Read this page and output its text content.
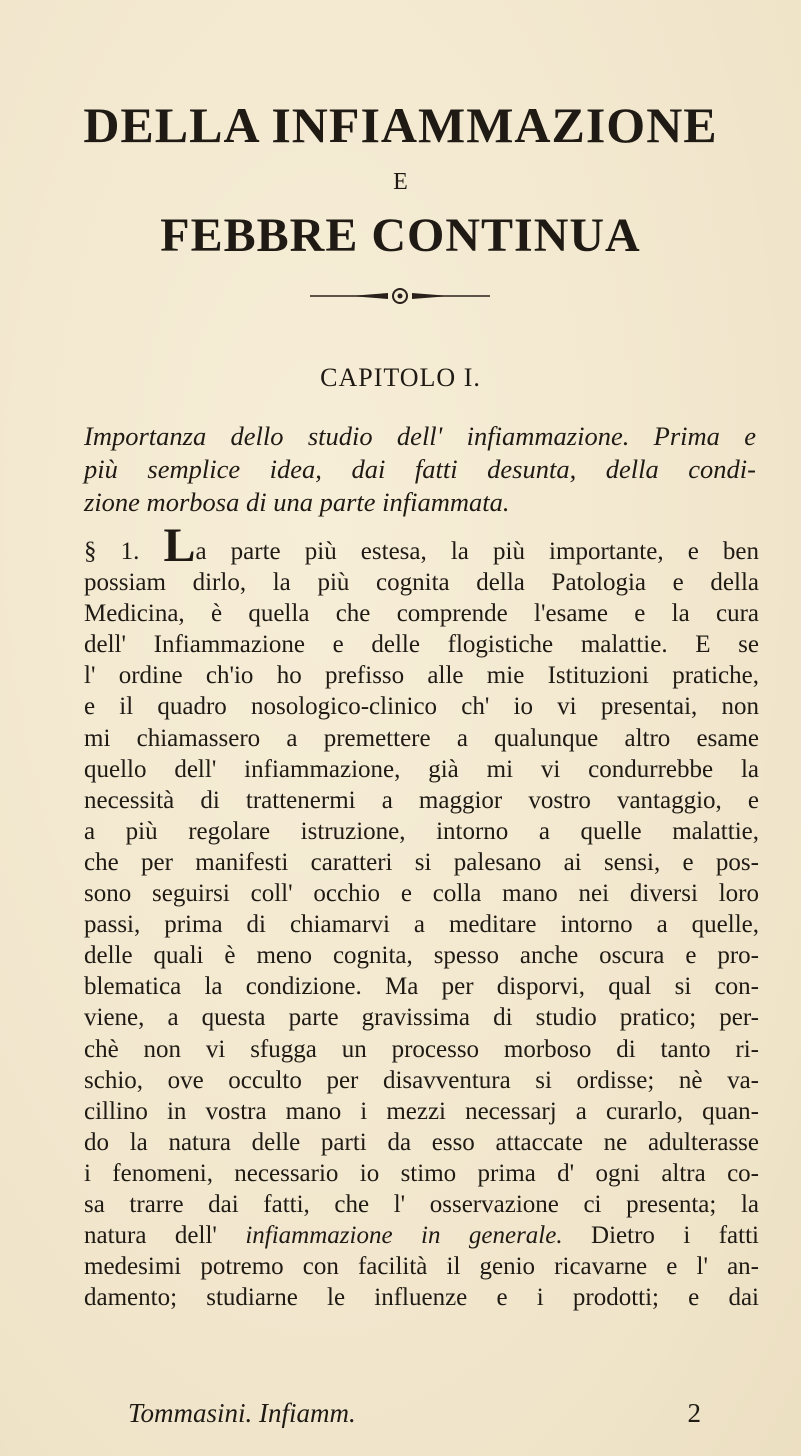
DELLA INFIAMMAZIONE
E
FEBBRE CONTINUA
CAPITOLO I.
Importanza dello studio dell' infiammazione. Prima e
più semplice idea, dai fatti desunta, della condi-
zione morbosa di una parte infiammata.
§ 1. La parte più estesa, la più importante, e ben
possiam dirlo, la più cognita della Patologia e della
Medicina, è quella che comprende l'esame e la cura
dell' Infiammazione e delle flogistiche malattie. E se
l' ordine ch'io ho prefisso alle mie Istituzioni pratiche,
e il quadro nosologico-clinico ch' io vi presentai, non
mi chiamassero a premettere a qualunque altro esame
quello dell' infiammazione, già mi vi condurrebbe la
necessità di trattenermi a maggior vostro vantaggio, e
a più regolare istruzione, intorno a quelle malattie,
che per manifesti caratteri si palesano ai sensi, e pos-
sono seguirsi coll' occhio e colla mano nei diversi loro
passi, prima di chiamarvi a meditare intorno a quelle,
delle quali è meno cognita, spesso anche oscura e pro-
blematica la condizione. Ma per disporvi, qual si con-
viene, a questa parte gravissima di studio pratico; per-
chè non vi sfugga un processo morboso di tanto ri-
schio, ove occulto per disavventura si ordisse; nè va-
cillino in vostra mano i mezzi necessarj a curarlo, quan-
do la natura delle parti da esso attaccate ne adulterasse
i fenomeni, necessario io stimo prima d' ogni altra co-
sa trarre dai fatti, che l' osservazione ci presenta; la
natura dell' infiammazione in generale. Dietro i fatti
medesimi potremo con facilità il genio ricavarne e l' an-
damento; studiarne le influenze e i prodotti; e dai
Tommasini. Infiamm.	2
